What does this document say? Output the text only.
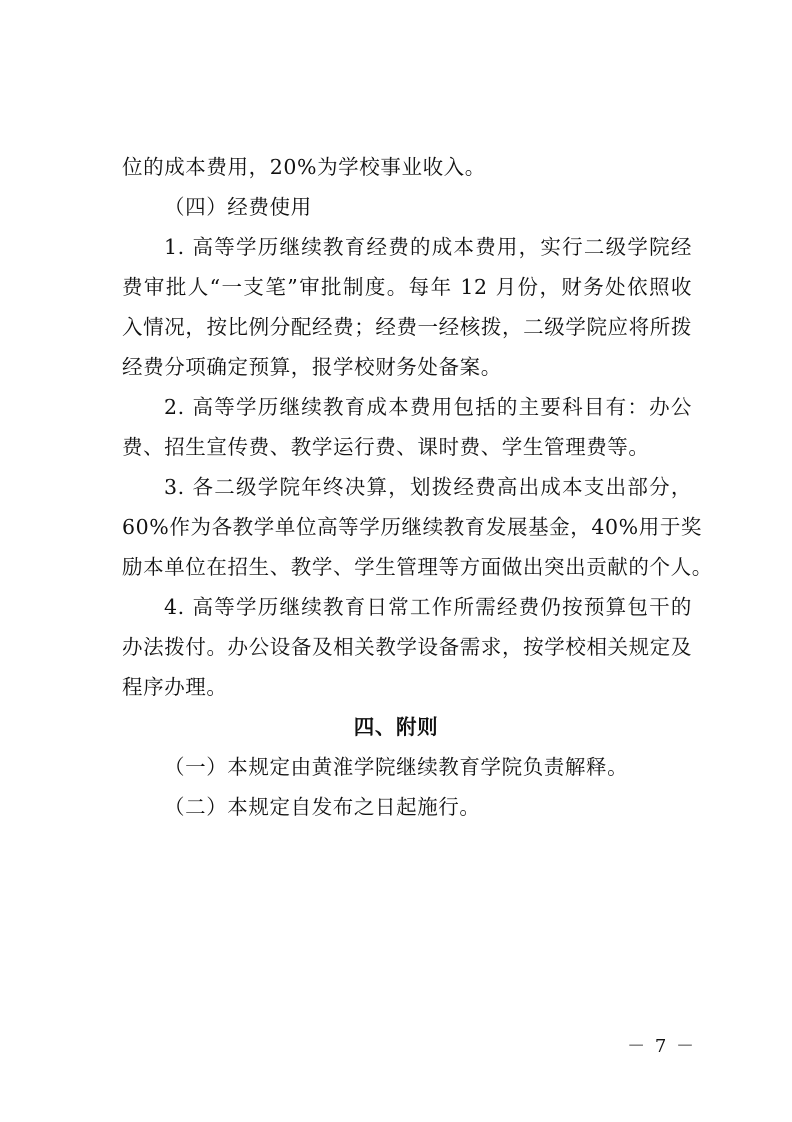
位的成本费用，20%为学校事业收入。
（四）经费使用
1. 高等学历继续教育经费的成本费用，实行二级学院经
费审批人“一支笔”审批制度。每年 12 月份，财务处依照收
入情况，按比例分配经费；经费一经核拨，二级学院应将所拨
经费分项确定预算，报学校财务处备案。
2. 高等学历继续教育成本费用包括的主要科目有：办公
费、招生宣传费、教学运行费、课时费、学生管理费等。
3. 各二级学院年终决算，划拨经费高出成本支出部分，
60%作为各教学单位高等学历继续教育发展基金，40%用于奖
励本单位在招生、教学、学生管理等方面做出突出贡献的个人。
4. 高等学历继续教育日常工作所需经费仍按预算包干的
办法拨付。办公设备及相关教学设备需求，按学校相关规定及
程序办理。
四、附则
（一）本规定由黄淮学院继续教育学院负责解释。
（二）本规定自发布之日起施行。
－ 7 －
